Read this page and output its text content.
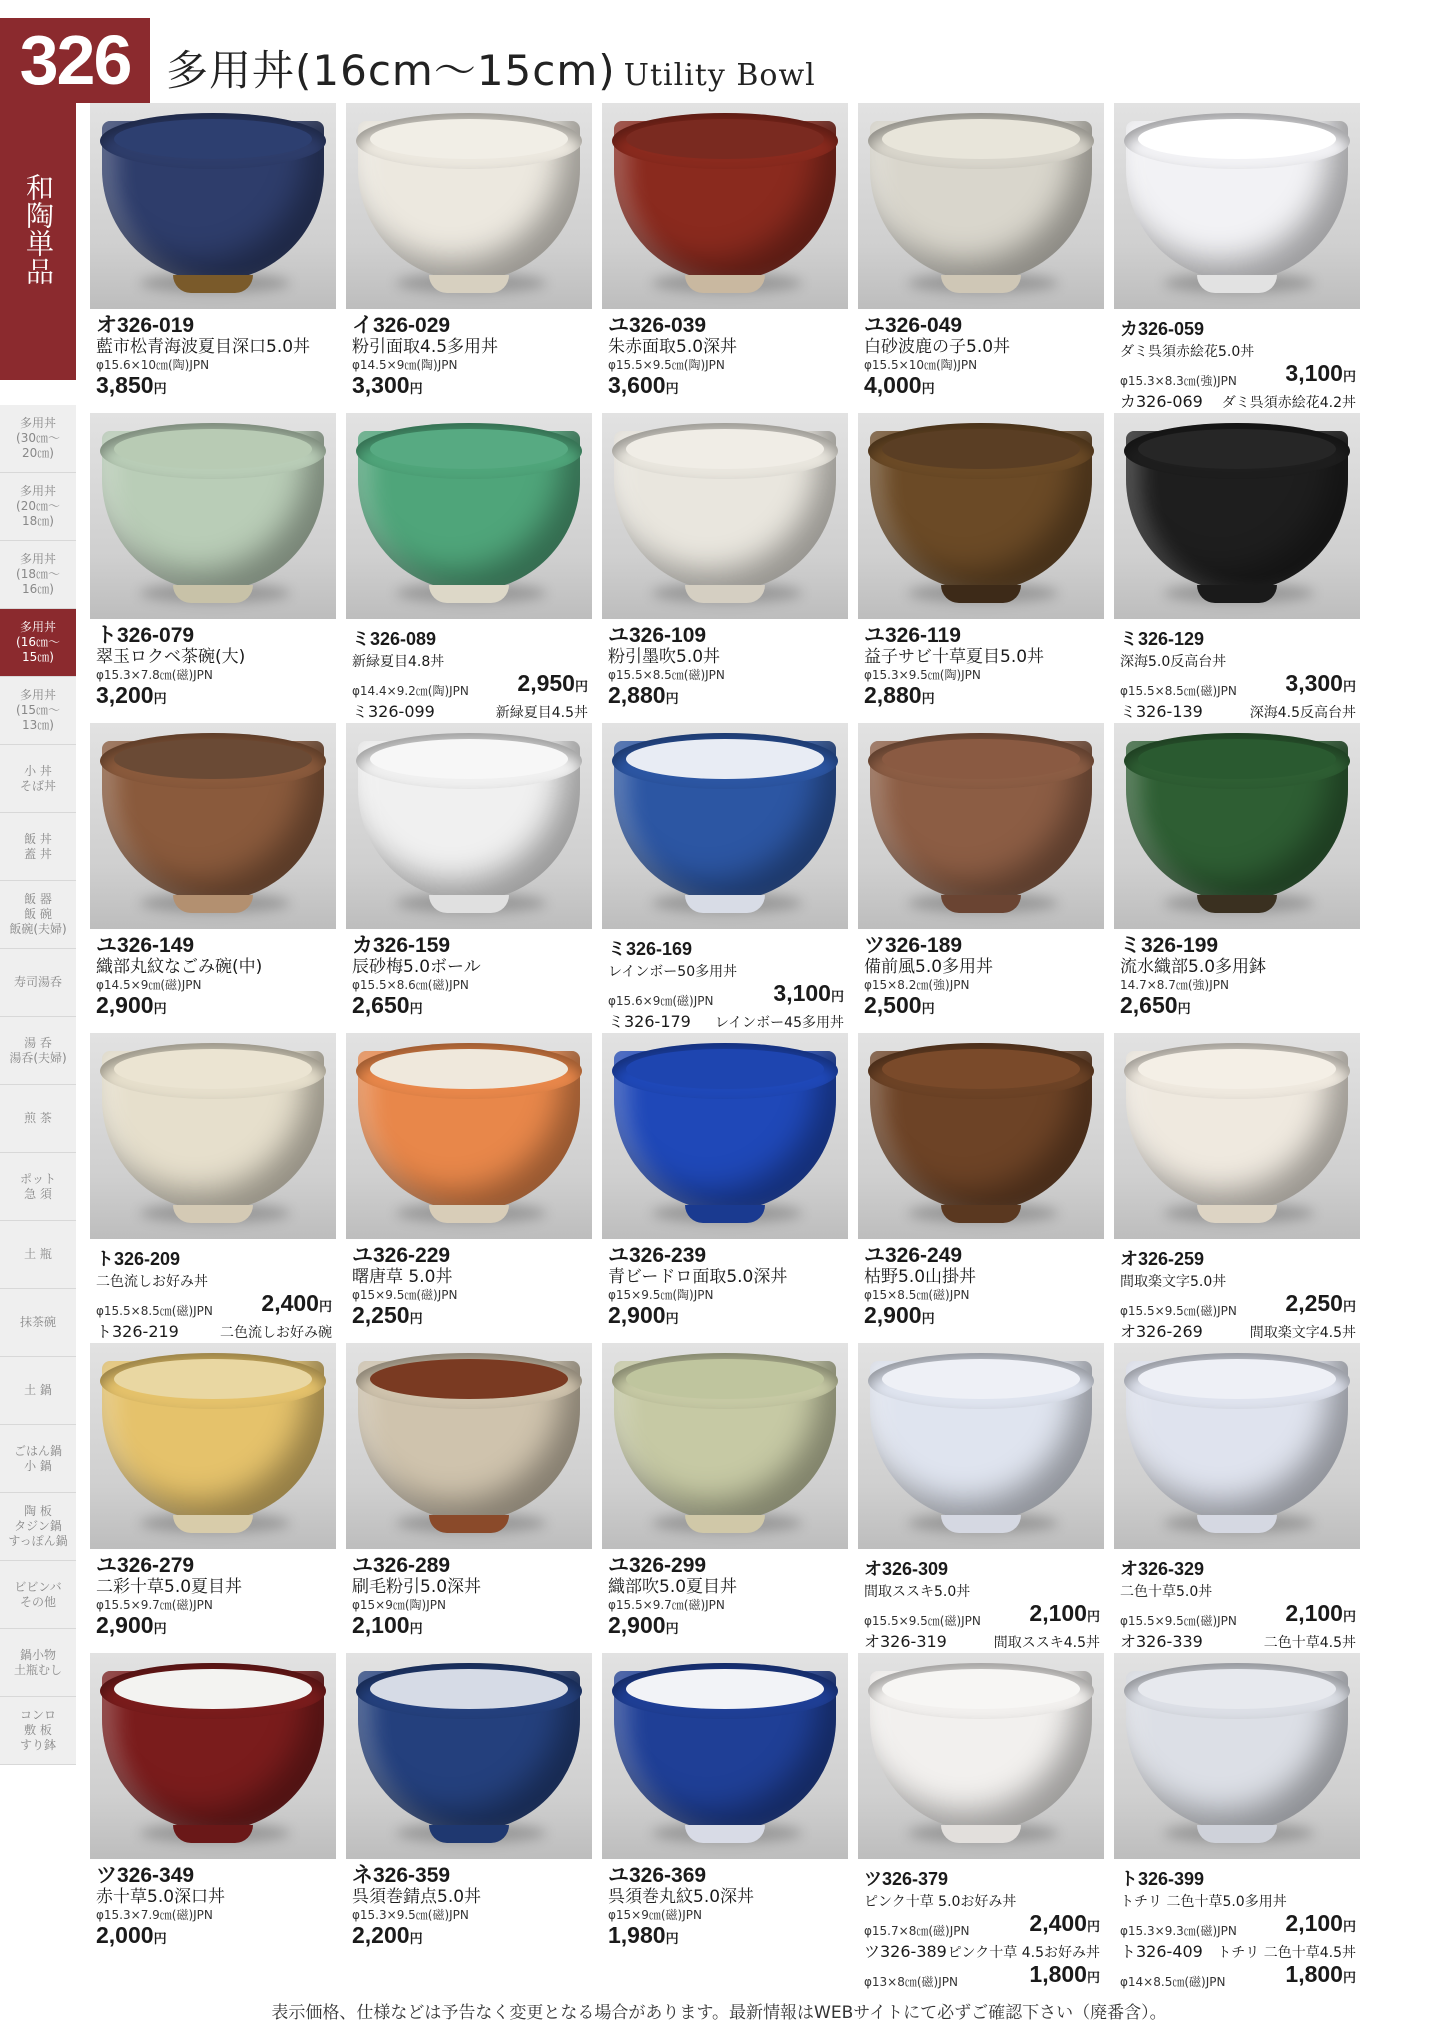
326 多用丼(16cm～15cm) Utility Bowl
和陶単品
多用丼
(30㎝～
20㎝)
多用丼
(20㎝～
18㎝)
多用丼
(18㎝～
16㎝)
多用丼
(16㎝～
15㎝)
多用丼
(15㎝～
13㎝)
小 丼
そば丼
飯 丼
蓋 丼
飯 器
飯 碗
飯碗(夫婦)
寿司湯呑
湯 呑
湯呑(夫婦)
煎 茶
ポット
急 須
土 瓶
抹茶碗
土 鍋
ごはん鍋
小 鍋
陶 板
タジン鍋
すっぽん鍋
ビビンバ
その他
鍋小物
土瓶むし
コンロ
敷 板
すり鉢
オ326-019
藍市松青海波夏目深口5.0丼
φ15.6×10㎝(陶)JPN
3,850円
イ326-029
粉引面取4.5多用丼
φ14.5×9㎝(陶)JPN
3,300円
ユ326-039
朱赤面取5.0深丼
φ15.5×9.5㎝(陶)JPN
3,600円
ユ326-049
白砂波鹿の子5.0丼
φ15.5×10㎝(陶)JPN
4,000円
カ326-059
ダミ呉須赤絵花5.0丼
φ15.3×8.3㎝(強)JPN 3,100円
カ326-069 ダミ呉須赤絵花4.2丼
ト326-079
翠玉ロクベ茶碗(大)
φ15.3×7.8㎝(磁)JPN
3,200円
ミ326-089
新緑夏目4.8丼
φ14.4×9.2㎝(陶)JPN 2,950円
ミ326-099	新緑夏目4.5丼
ユ326-109
粉引墨吹5.0丼
φ15.5×8.5㎝(磁)JPN
2,880円
ユ326-119
益子サビ十草夏目5.0丼
φ15.3×9.5㎝(陶)JPN
2,880円
ミ326-129
深海5.0反高台丼
φ15.5×8.5㎝(磁)JPN 3,300円
ミ326-139	深海4.5反高台丼
ユ326-149
織部丸紋なごみ碗(中)
φ14.5×9㎝(磁)JPN
2,900円
カ326-159
辰砂梅5.0ボール
φ15.5×8.6㎝(磁)JPN
2,650円
ミ326-169
レインボー50多用丼
φ15.6×9㎝(磁)JPN	3,100円
ミ326-179 レインボー45多用丼
ツ326-189
備前風5.0多用丼
φ15×8.2㎝(強)JPN
2,500円
ミ326-199
流水織部5.0多用鉢
14.7×8.7㎝(強)JPN
2,650円
ト326-209
二色流しお好み丼
φ15.5×8.5㎝(磁)JPN 2,400円
ト326-219	二色流しお好み碗
ユ326-229
曙唐草 5.0丼
φ15×9.5㎝(磁)JPN
2,250円
ユ326-239
青ビードロ面取5.0深丼
φ15×9.5㎝(陶)JPN
2,900円
ユ326-249
枯野5.0山掛丼
φ15×8.5㎝(磁)JPN
2,900円
オ326-259
間取楽文字5.0丼
φ15.5×9.5㎝(磁)JPN 2,250円
オ326-269	間取楽文字4.5丼
ユ326-279
二彩十草5.0夏目丼
φ15.5×9.7㎝(磁)JPN
2,900円
ユ326-289
刷毛粉引5.0深丼
φ15×9㎝(陶)JPN
2,100円
ユ326-299
織部吹5.0夏目丼
φ15.5×9.7㎝(磁)JPN
2,900円
オ326-309
間取ススキ5.0丼
φ15.5×9.5㎝(磁)JPN 2,100円
オ326-319	間取ススキ4.5丼
オ326-329
二色十草5.0丼
φ15.5×9.5㎝(磁)JPN 2,100円
オ326-339	二色十草4.5丼
ツ326-349
赤十草5.0深口丼
φ15.3×7.9㎝(磁)JPN
2,000円
ネ326-359
呉須巻錆点5.0丼
φ15.3×9.5㎝(磁)JPN
2,200円
ユ326-369
呉須巻丸紋5.0深丼
φ15×9㎝(磁)JPN
1,980円
ツ326-379
ピンク十草 5.0お好み丼
φ15.7×8㎝(磁)JPN	2,400円
ツ326-389 ピンク十草 4.5お好み丼
φ13×8㎝(磁)JPN	1,800円
ト326-399
トチリ 二色十草5.0多用丼
φ15.3×9.3㎝(磁)JPN 2,100円
ト326-409 トチリ 二色十草4.5丼
φ14×8.5㎝(磁)JPN	1,800円
表示価格、仕様などは予告なく変更となる場合があります。最新情報はWEBサイトにて必ずご確認下さい（廃番含）。
